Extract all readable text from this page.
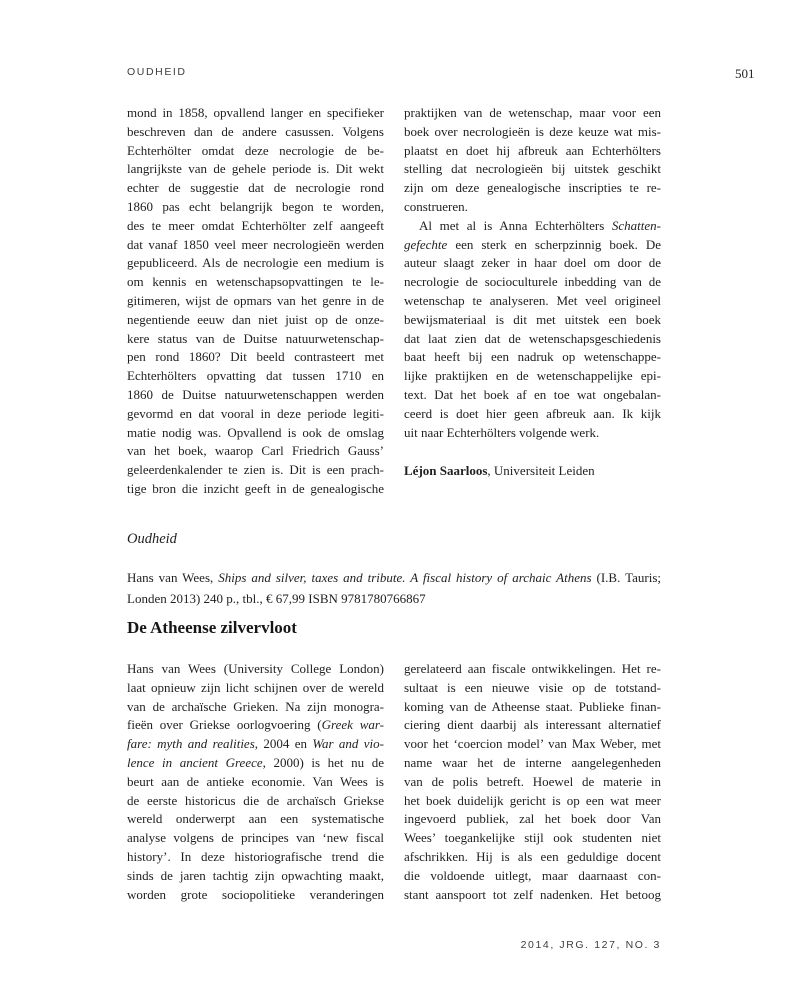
OUDHEID	501
mond in 1858, opvallend langer en specifieker
beschreven dan de andere casussen. Volgens
Echterhölter omdat deze necrologie de be-
langrijkste van de gehele periode is. Dit wekt
echter de suggestie dat de necrologie rond
1860 pas echt belangrijk begon te worden,
des te meer omdat Echterhölter zelf aangeeft
dat vanaf 1850 veel meer necrologieën werden
gepubliceerd. Als de necrologie een medium is
om kennis en wetenschapsopvattingen te le-
gitimeren, wijst de opmars van het genre in de
negentiende eeuw dan niet juist op de onze-
kere status van de Duitse natuurwetenschap-
pen rond 1860? Dit beeld contrasteert met
Echterhölters opvatting dat tussen 1710 en
1860 de Duitse natuurwetenschappen werden
gevormd en dat vooral in deze periode legiti-
matie nodig was. Opvallend is ook de omslag
van het boek, waarop Carl Friedrich Gauss’
geleerdenkalender te zien is. Dit is een prach-
tige bron die inzicht geeft in de genealogische
praktijken van de wetenschap, maar voor een
boek over necrologieën is deze keuze wat mis-
plaatst en doet hij afbreuk aan Echterhölters
stelling dat necrologieën bij uitstek geschikt
zijn om deze genealogische inscripties te re-
construeren.
Al met al is Anna Echterhölters Schatten-
gefechte een sterk en scherpzinnig boek. De
auteur slaagt zeker in haar doel om door de
necrologie de socioculturele inbedding van de
wetenschap te analyseren. Met veel origineel
bewijsmateriaal is dit met uitstek een boek
dat laat zien dat de wetenschapsgeschiedenis
baat heeft bij een nadruk op wetenschappe-
lijke praktijken en de wetenschappelijke epi-
text. Dat het boek af en toe wat ongebalan-
ceerd is doet hier geen afbreuk aan. Ik kijk
uit naar Echterhölters volgende werk.
Léjon Saarloos, Universiteit Leiden
Oudheid
Hans van Wees, Ships and silver, taxes and tribute. A fiscal history of archaic Athens (I.B. Tauris; Londen 2013) 240 p., tbl., € 67,99 ISBN 9781780766867
De Atheense zilvervloot
Hans van Wees (University College London)
laat opnieuw zijn licht schijnen over de wereld
van de archaïsche Grieken. Na zijn monogra-
fieën over Griekse oorlogvoering (Greek war-
fare: myth and realities, 2004 en War and vio-
lence in ancient Greece, 2000) is het nu de
beurt aan de antieke economie. Van Wees is
de eerste historicus die de archaïsch Griekse
wereld onderwerpt aan een systematische
analyse volgens de principes van ‘new fiscal
history’. In deze historiografische trend die
sinds de jaren tachtig zijn opwachting maakt,
worden grote sociopolitieke veranderingen
gerelateerd aan fiscale ontwikkelingen. Het re-
sultaat is een nieuwe visie op de totstand-
koming van de Atheense staat. Publieke finan-
ciering dient daarbij als interessant alternatief
voor het ‘coercion model’ van Max Weber, met
name waar het de interne aangelegenheden
van de polis betreft. Hoewel de materie in
het boek duidelijk gericht is op een wat meer
ingevoerd publiek, zal het boek door Van
Wees’ toegankelijke stijl ook studenten niet
afschrikken. Hij is als een geduldige docent
die voldoende uitlegt, maar daarnaast con-
stant aanspoort tot zelf nadenken. Het betoog
2014, JRG. 127, NO. 3
